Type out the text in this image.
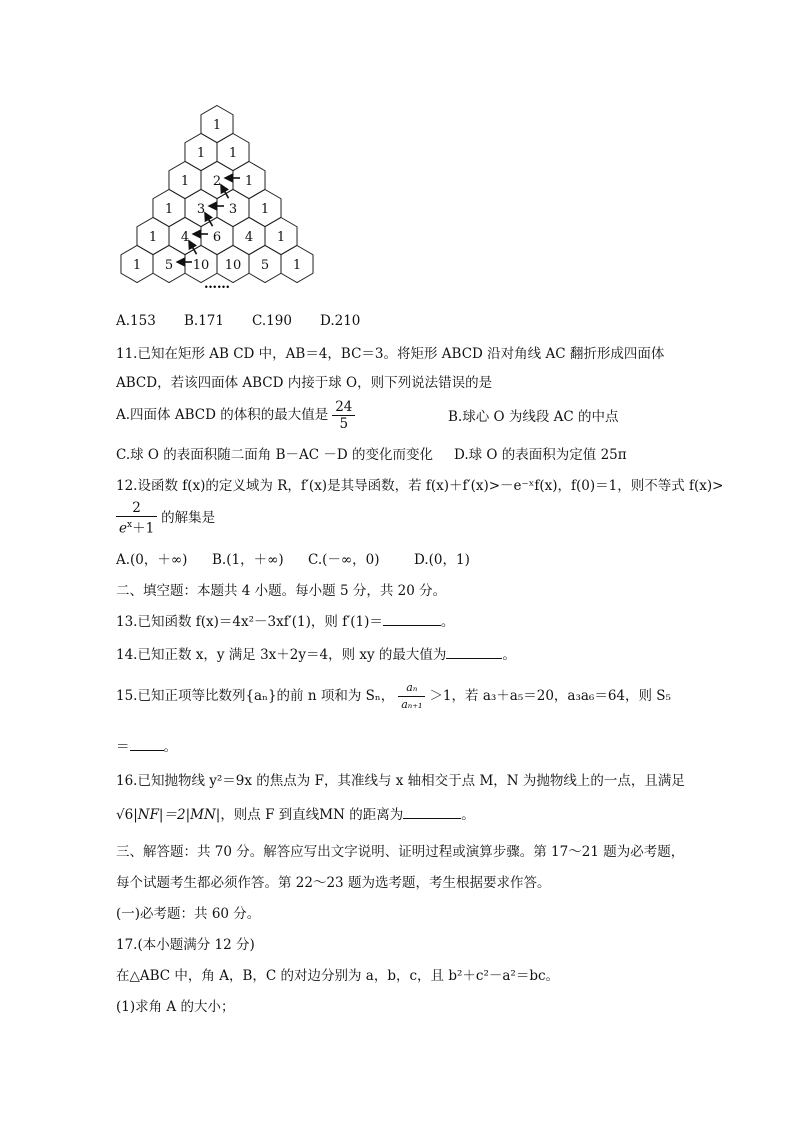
1
1 1
1 2 1
1 3 3 1
1 4 6 4 1
1 5 10 10 5 1
……
A.153 B.171 C.190 D.210
11.已知在矩形 AB CD 中，AB＝4，BC＝3。将矩形 ABCD 沿对角线 AC 翻折形成四面体
ABCD，若该四面体 ABCD 内接于球 O，则下列说法错误的是
A.四面体 ABCD 的体积的最大值是 $\frac{24}{5}$	B.球心 O 为线段 AC 的中点
C.球 O 的表面积随二面角 B－AC －D 的变化而变化 D.球 O 的表面积为定值 25π
12.设函数 f(x)的定义域为 R，f′(x)是其导函数，若 f(x)＋f′(x)>－e⁻ˣf(x)，f(0)＝1，则不等式 f(x)>
$\frac{2}{e^x+1}$ 的解集是
A.(0，＋∞) B.(1，＋∞) C.(－∞，0)	D.(0，1)
二、填空题：本题共 4 小题。每小题 5 分，共 20 分。
13.已知函数 f(x)＝4x²－3xf′(1)，则 f′(1)＝	。
14.已知正数 x，y 满足 3x＋2y＝4，则 xy 的最大值为	。
15.已知正项等比数列{aₙ}的前 n 项和为 Sₙ， $\frac{\text{aₙ}}{\text{aₙ₊₁}} >1$，若 a₃＋a₅＝20，a₃a₆＝64，则 S₅
＝	。
16.已知抛物线 y²＝9x 的焦点为 F，其准线与 x 轴相交于点 M，N 为抛物线上的一点，且满足
√6|NF|＝2|MN|，则点 F 到直线MN 的距离为	。
三、解答题：共 70 分。解答应写出文字说明、证明过程或演算步骤。第 17～21 题为必考题，
每个试题考生都必须作答。第 22～23 题为选考题，考生根据要求作答。
(一)必考题：共 60 分。
17.(本小题满分 12 分)
在△ABC 中，角 A，B，C 的对边分别为 a，b，c，且 b²＋c²－a²＝bc。
(1)求角 A 的大小；
